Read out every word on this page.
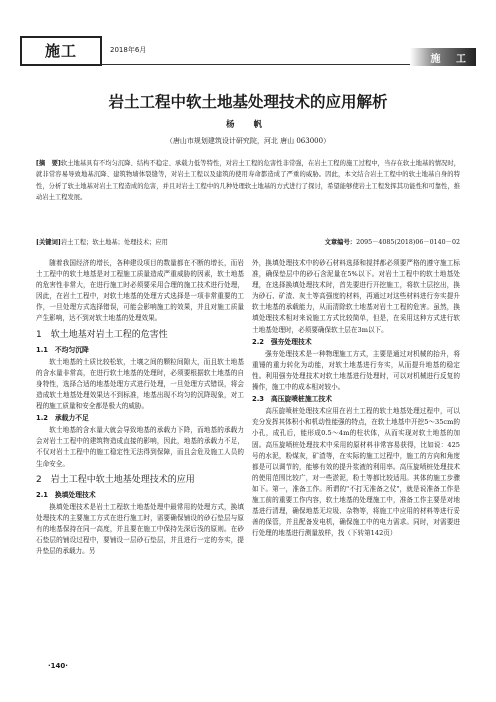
施工	2018年6月
施 工
岩土工程中软土地基处理技术的应用解析
杨 帆
（唐山市规划建筑设计研究院，河北 唐山 063000）
[摘　要]软土地基具有不均匀沉降、结构不稳定、承载力低等特性，对岩土工程的危害性非常强，在岩土工程的施工过程中，当存在软土地基的情况时，就非常容易导致地基沉降、建筑物墙体裂缝等，对岩土工程以及建筑的使用寿命都造成了严重的威胁。因此，本文结合岩土工程中的软土地基自身的特性，分析了软土地基对岩土工程造成的危害，并且对岩土工程中的几种处理软土地基的方式进行了探讨，希望能够使岩土工程发挥其功能性和可靠性，推动岩土工程发展。
[关键词]岩土工程；软土地基；处理技术；应用	文章编号：2095－4085(2018)06－0140－02

随着我国经济的增长，各种建设项目的数量都在不断的增长，而岩土工程中的软土地基是对工程施工质量造成严重威胁的因素，软土地基的危害性非常大，在进行施工时必须要采用合理的施工技术进行处理，因此，在岩土工程中，对软土地基的处理方式选择是一项非常重要的工作，一旦处理方式选择错误，可能会影响施工的效果，并且对施工质量产生影响，达不到对软土地基的处理效果。

1　软土地基对岩土工程的危害性
1.1　不均匀沉降

软土地基的土质比较松软，土壤之间的颗粒间隙大，而且软土地基的含水量非常高，在进行软土地基的处理时，必须要根据软土地基的自身特性，选择合适的地基处理方式进行处理，一旦处理方式错误，将会造成软土地基处理效果达不到标准，地基出现不均匀的沉降现象，对工程的施工质量和安全都是极大的威胁。

1.2　承载力不足

软土地基的含水量大就会导致地基的承载力下降，而地基的承载力会对岩土工程中的建筑物造成直接的影响，因此，地基的承载力不足，不仅对岩土工程中的施工稳定性无法得到保障，而且会危及施工人员的生命安全。

2　岩土工程中软土地基处理技术的应用
2.1　换填处理技术

换填处理技术是岩土工程软土地基处理中最常用的处理方式，换填处理技术的主要施工方式在进行施工时，需要确保铺设的砂石垫层与原有的地基保持在同一高度，并且要在施工中保持先深后浅的原则。在砂石垫层的铺设过程中，要铺设一层砂石垫层，并且进行一定的夯实，提升垫层的承载力。另

外，换填处理技术中的砂石材料选择和搅拌都必须要严格的遵守施工标准，确保垫层中的砂石含泥量在5%以下。对岩土工程中的软土地基处理，在选择换填处理技术时，首先要进行开挖施工，将软土层挖出，换为砂石、矿渣、灰土等高强度的材料，再通过对这些材料进行夯实提升软土地基的承载能力，从而清除软土地基对岩土工程的危害。虽然，换填处理技术相对来说施工方式比较简单，但是，在采用这种方式进行软土地基处理时，必须要确保软土层在3m以下。

2.2　强夯处理技术

强夯处理技术是一种物理施工方式，主要是通过对机械的抬升，将重锤的重力转化为动能，对软土地基进行夯实，从而提升地基的稳定性。利用强夯处理技术对软土地基进行处理时，可以对机械进行反复的操作，施工中的成本相对较小。

2.3　高压旋喷桩施工技术

高压旋喷桩处理技术应用在岩土工程的软土地基处理过程中，可以充分发挥其体积小和机动性能强的特点，在软土地基中开挖5～35cm的小孔，成孔后，能形成0.5～4m的柱状体，从而实现对软土地基的加固。高压旋喷桩处理技术中采用的原材料非常容易获得，比如说：425号的水泥，粉煤灰，矿渣等，在实际的施工过程中，施工的方向和角度都是可以调节的，能够有效的提升浆液的利用率。高压旋喷桩处理技术的使用范围比较广，对一些淤泥，粉土等都比较适用。其体的施工步骤如下。第一，准备工作。所谓的"不打无准备之仗"，就是说准备工作是施工前的重要工作内容，软土地基的处理施工中，准备工作主要是对地基进行清理，确保地基无垃圾、杂物等，将施工中应用的材料等进行妥善的保管，并且配备发电机，确保施工中的电力需求。同时，对需要进行处理的地基进行测量放样，找（下转第142页）

·140·
